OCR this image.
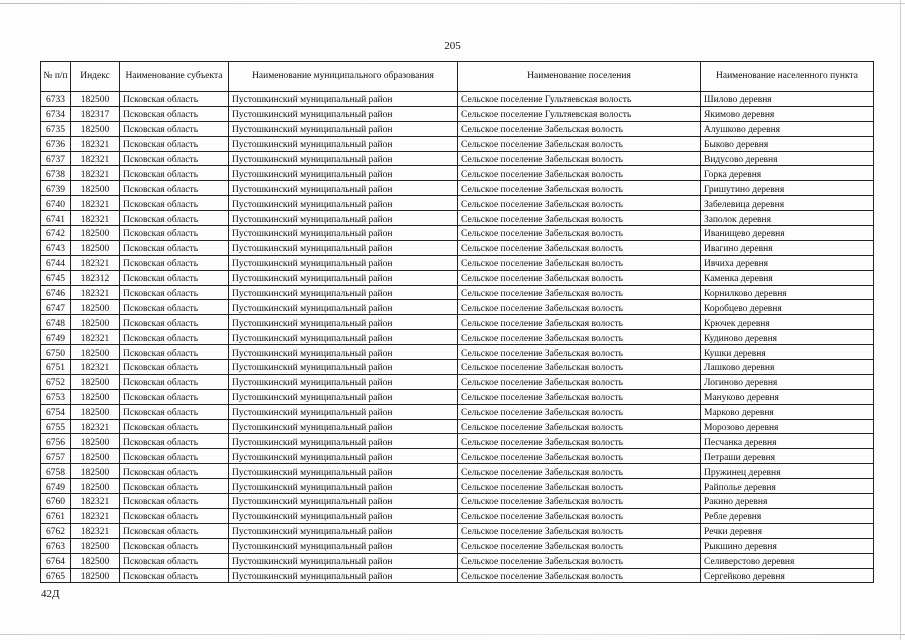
205
№ п/п	Индекс	Наименование субъекта	Наименование муниципального образования	Наименование поселения	Наименование населенного пункта
6733	182500	Псковская область	Пустошкинский муниципальный район	Сельское поселение Гультяевская волость	Шилово деревня
6734	182317	Псковская область	Пустошкинский муниципальный район	Сельское поселение Гультяевская волость	Якимово деревня
6735	182500	Псковская область	Пустошкинский муниципальный район	Сельское поселение Забельская волость	Алушково деревня
6736	182321	Псковская область	Пустошкинский муниципальный район	Сельское поселение Забельская волость	Быково деревня
6737	182321	Псковская область	Пустошкинский муниципальный район	Сельское поселение Забельская волость	Видусово деревня
6738	182321	Псковская область	Пустошкинский муниципальный район	Сельское поселение Забельская волость	Горка деревня
6739	182500	Псковская область	Пустошкинский муниципальный район	Сельское поселение Забельская волость	Гришутино деревня
6740	182321	Псковская область	Пустошкинский муниципальный район	Сельское поселение Забельская волость	Забелевица деревня
6741	182321	Псковская область	Пустошкинский муниципальный район	Сельское поселение Забельская волость	Заполок деревня
6742	182500	Псковская область	Пустошкинский муниципальный район	Сельское поселение Забельская волость	Иванищево деревня
6743	182500	Псковская область	Пустошкинский муниципальный район	Сельское поселение Забельская волость	Ивагино деревня
6744	182321	Псковская область	Пустошкинский муниципальный район	Сельское поселение Забельская волость	Ивчиха деревня
6745	182312	Псковская область	Пустошкинский муниципальный район	Сельское поселение Забельская волость	Каменка деревня
6746	182321	Псковская область	Пустошкинский муниципальный район	Сельское поселение Забельская волость	Корнилково деревня
6747	182500	Псковская область	Пустошкинский муниципальный район	Сельское поселение Забельская волость	Коробцево деревня
6748	182500	Псковская область	Пустошкинский муниципальный район	Сельское поселение Забельская волость	Крючек деревня
6749	182321	Псковская область	Пустошкинский муниципальный район	Сельское поселение Забельская волость	Кудиново деревня
6750	182500	Псковская область	Пустошкинский муниципальный район	Сельское поселение Забельская волость	Кушки деревня
6751	182321	Псковская область	Пустошкинский муниципальный район	Сельское поселение Забельская волость	Лашково деревня
6752	182500	Псковская область	Пустошкинский муниципальный район	Сельское поселение Забельская волость	Логиново деревня
6753	182500	Псковская область	Пустошкинский муниципальный район	Сельское поселение Забельская волость	Мануково деревня
6754	182500	Псковская область	Пустошкинский муниципальный район	Сельское поселение Забельская волость	Марково деревня
6755	182321	Псковская область	Пустошкинский муниципальный район	Сельское поселение Забельская волость	Морозово деревня
6756	182500	Псковская область	Пустошкинский муниципальный район	Сельское поселение Забельская волость	Песчанка деревня
6757	182500	Псковская область	Пустошкинский муниципальный район	Сельское поселение Забельская волость	Петраши деревня
6758	182500	Псковская область	Пустошкинский муниципальный район	Сельское поселение Забельская волость	Пружинец деревня
6749	182500	Псковская область	Пустошкинский муниципальный район	Сельское поселение Забельская волость	Райполье деревня
6760	182321	Псковская область	Пустошкинский муниципальный район	Сельское поселение Забельская волость	Ракино деревня
6761	182321	Псковская область	Пустошкинский муниципальный район	Сельское поселение Забельская волость	Ребле деревня
6762	182321	Псковская область	Пустошкинский муниципальный район	Сельское поселение Забельская волость	Речки деревня
6763	182500	Псковская область	Пустошкинский муниципальный район	Сельское поселение Забельская волость	Рыкшино деревня
6764	182500	Псковская область	Пустошкинский муниципальный район	Сельское поселение Забельская волость	Селиверстово деревня
6765	182500	Псковская область	Пустошкинский муниципальный район	Сельское поселение Забельская волость	Сергейково деревня
42Д
